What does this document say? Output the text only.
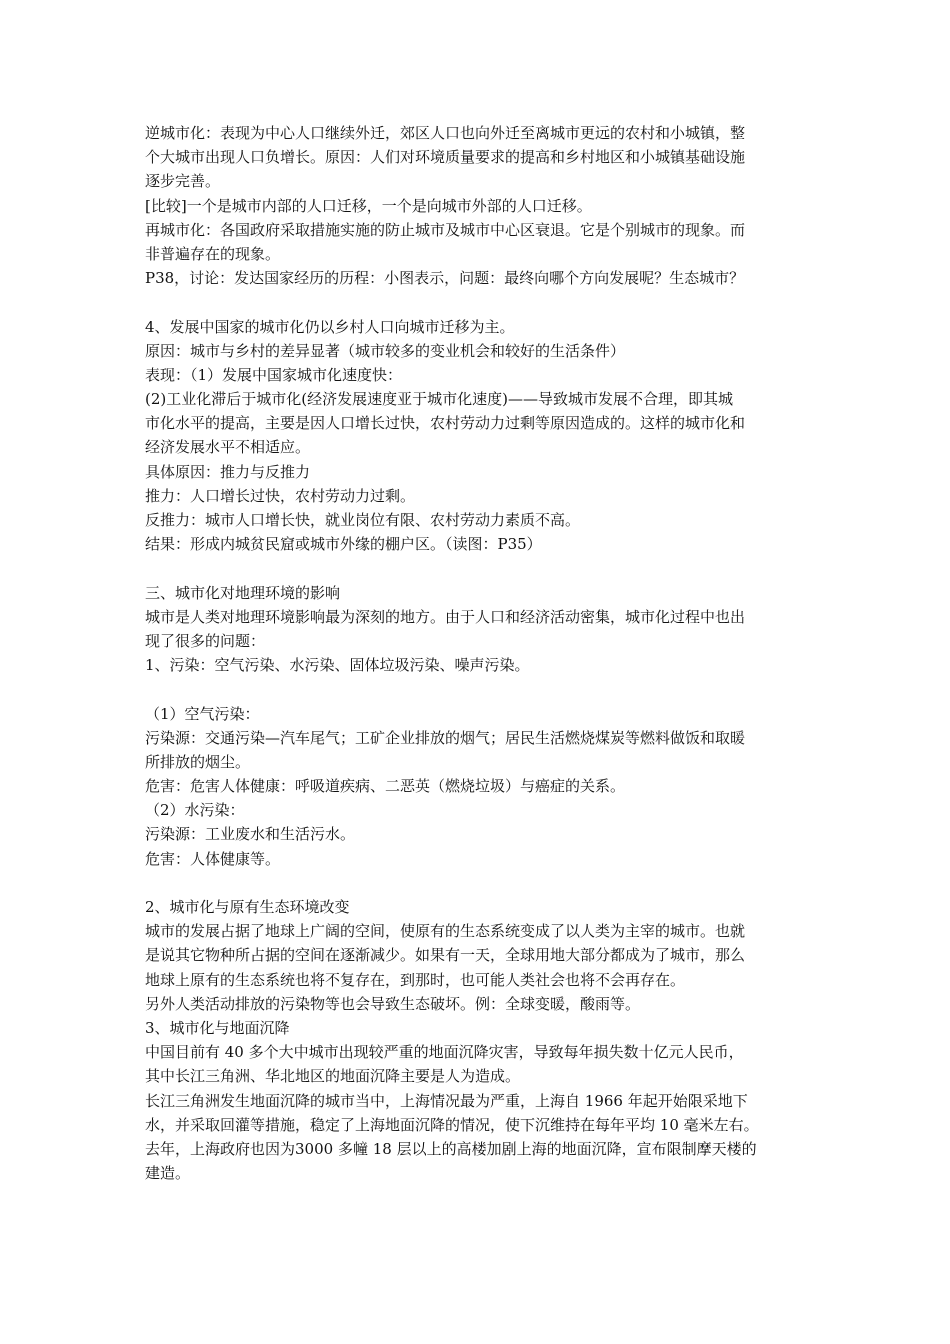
逆城市化：表现为中心人口继续外迁，郊区人口也向外迁至离城市更远的农村和小城镇，整
个大城市出现人口负增长。原因：人们对环境质量要求的提高和乡村地区和小城镇基础设施
逐步完善。
[比较]一个是城市内部的人口迁移，一个是向城市外部的人口迁移。
再城市化：各国政府采取措施实施的防止城市及城市中心区衰退。它是个别城市的现象。而
非普遍存在的现象。
P38，讨论：发达国家经历的历程：小图表示，问题：最终向哪个方向发展呢？生态城市？
4、发展中国家的城市化仍以乡村人口向城市迁移为主。
原因：城市与乡村的差异显著（城市较多的变业机会和较好的生活条件）
表现：（1）发展中国家城市化速度快：
(2)工业化滞后于城市化(经济发展速度亚于城市化速度)——导致城市发展不合理，即其城
市化水平的提高，主要是因人口增长过快，农村劳动力过剩等原因造成的。这样的城市化和
经济发展水平不相适应。
具体原因：推力与反推力
推力：人口增长过快，农村劳动力过剩。
反推力：城市人口增长快，就业岗位有限、农村劳动力素质不高。
结果：形成内城贫民窟或城市外缘的棚户区。（读图：P35）
三、城市化对地理环境的影响
城市是人类对地理环境影响最为深刻的地方。由于人口和经济活动密集，城市化过程中也出
现了很多的问题：
1、污染：空气污染、水污染、固体垃圾污染、噪声污染。
（1）空气污染：
污染源：交通污染—汽车尾气；工矿企业排放的烟气；居民生活燃烧煤炭等燃料做饭和取暖
所排放的烟尘。
危害：危害人体健康：呼吸道疾病、二恶英（燃烧垃圾）与癌症的关系。
（2）水污染：
污染源：工业废水和生活污水。
危害：人体健康等。
2、城市化与原有生态环境改变
城市的发展占据了地球上广阔的空间，使原有的生态系统变成了以人类为主宰的城市。也就
是说其它物种所占据的空间在逐渐减少。如果有一天，全球用地大部分都成为了城市，那么
地球上原有的生态系统也将不复存在，到那时，也可能人类社会也将不会再存在。
另外人类活动排放的污染物等也会导致生态破坏。例：全球变暖，酸雨等。
3、城市化与地面沉降
中国目前有 40 多个大中城市出现较严重的地面沉降灾害，导致每年损失数十亿元人民币，
其中长江三角洲、华北地区的地面沉降主要是人为造成。
长江三角洲发生地面沉降的城市当中，上海情况最为严重，上海自 1966 年起开始限采地下
水，并采取回灌等措施，稳定了上海地面沉降的情况，使下沉维持在每年平均 10 毫米左右。
去年，上海政府也因为3000 多幢 18 层以上的高楼加剧上海的地面沉降，宣布限制摩天楼的
建造。
